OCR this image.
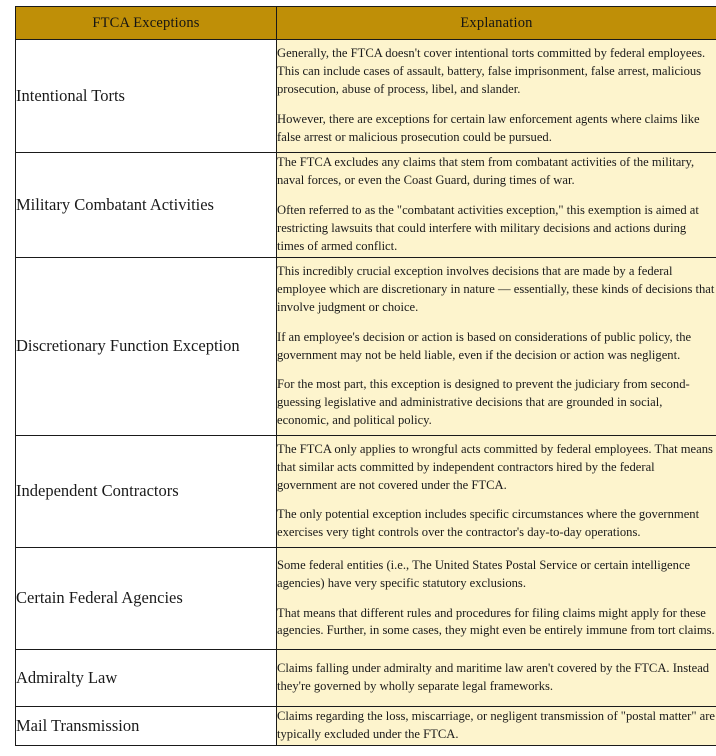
FTCA Exceptions	Explanation
Intentional Torts	Generally, the FTCA doesn't cover intentional torts committed by federal employees. This can include cases of assault, battery, false imprisonment, false arrest, malicious prosecution, abuse of process, libel, and slander.

However, there are exceptions for certain law enforcement agents where claims like false arrest or malicious prosecution could be pursued.

Military Combatant Activities	The FTCA excludes any claims that stem from combatant activities of the military, naval forces, or even the Coast Guard, during times of war.

Often referred to as the "combatant activities exception," this exemption is aimed at restricting lawsuits that could interfere with military decisions and actions during times of armed conflict.

Discretionary Function Exception	This incredibly crucial exception involves decisions that are made by a federal employee which are discretionary in nature — essentially, these kinds of decisions that involve judgment or choice.

If an employee's decision or action is based on considerations of public policy, the government may not be held liable, even if the decision or action was negligent.

For the most part, this exception is designed to prevent the judiciary from second-guessing legislative and administrative decisions that are grounded in social, economic, and political policy.

Independent Contractors	The FTCA only applies to wrongful acts committed by federal employees. That means that similar acts committed by independent contractors hired by the federal government are not covered under the FTCA.

The only potential exception includes specific circumstances where the government exercises very tight controls over the contractor's day-to-day operations.

Certain Federal Agencies	Some federal entities (i.e., The United States Postal Service or certain intelligence agencies) have very specific statutory exclusions.

That means that different rules and procedures for filing claims might apply for these agencies. Further, in some cases, they might even be entirely immune from tort claims.

Admiralty Law	Claims falling under admiralty and maritime law aren't covered by the FTCA. Instead they're governed by wholly separate legal frameworks.

Mail Transmission	Claims regarding the loss, miscarriage, or negligent transmission of "postal matter" are typically excluded under the FTCA.
